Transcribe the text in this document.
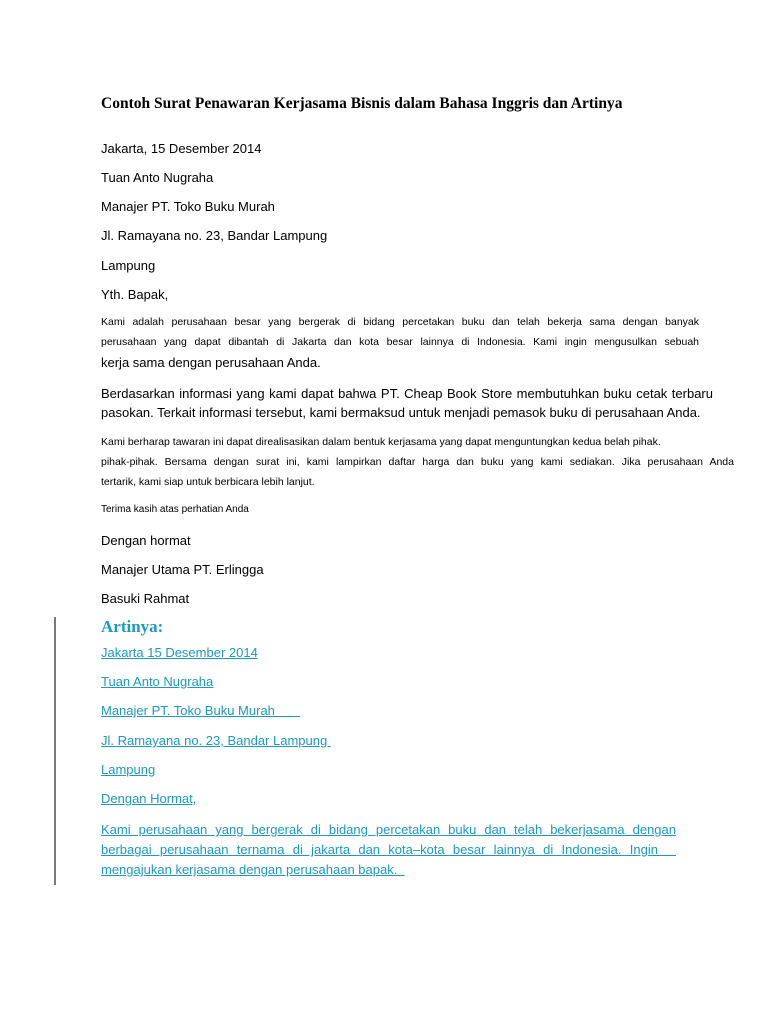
Contoh Surat Penawaran Kerjasama Bisnis dalam Bahasa Inggris dan Artinya

Jakarta, 15 Desember 2014

Tuan Anto Nugraha

Manajer PT. Toko Buku Murah

Jl. Ramayana no. 23, Bandar Lampung

Lampung

Yth. Bapak,

Kami adalah perusahaan besar yang bergerak di bidang percetakan buku dan telah bekerja sama dengan banyak
perusahaan yang dapat dibantah di Jakarta dan kota besar lainnya di Indonesia. Kami ingin mengusulkan sebuah

kerja sama dengan perusahaan Anda.

Berdasarkan informasi yang kami dapat bahwa PT. Cheap Book Store membutuhkan buku cetak terbaru
pasokan. Terkait informasi tersebut, kami bermaksud untuk menjadi pemasok buku di perusahaan Anda.
Kami berharap tawaran ini dapat direalisasikan dalam bentuk kerjasama yang dapat menguntungkan kedua belah pihak.
pihak-pihak. Bersama dengan surat ini, kami lampirkan daftar harga dan buku yang kami sediakan. Jika perusahaan Anda
tertarik, kami siap untuk berbicara lebih lanjut.

Terima kasih atas perhatian Anda

Dengan hormat

Manajer Utama PT. Erlingga

Basuki Rahmat

Artinya:

Jakarta 15 Desember 2014

Tuan Anto Nugraha

Manajer PT. Toko Buku Murah

Jl. Ramayana no. 23, Bandar Lampung

Lampung

Dengan Hormat,

Kami perusahaan yang bergerak di bidang percetakan buku dan telah bekerjasama dengan
berbagai perusahaan ternama di jakarta dan kota–kota besar lainnya di Indonesia. Ingin
mengajukan kerjasama dengan perusahaan bapak.
